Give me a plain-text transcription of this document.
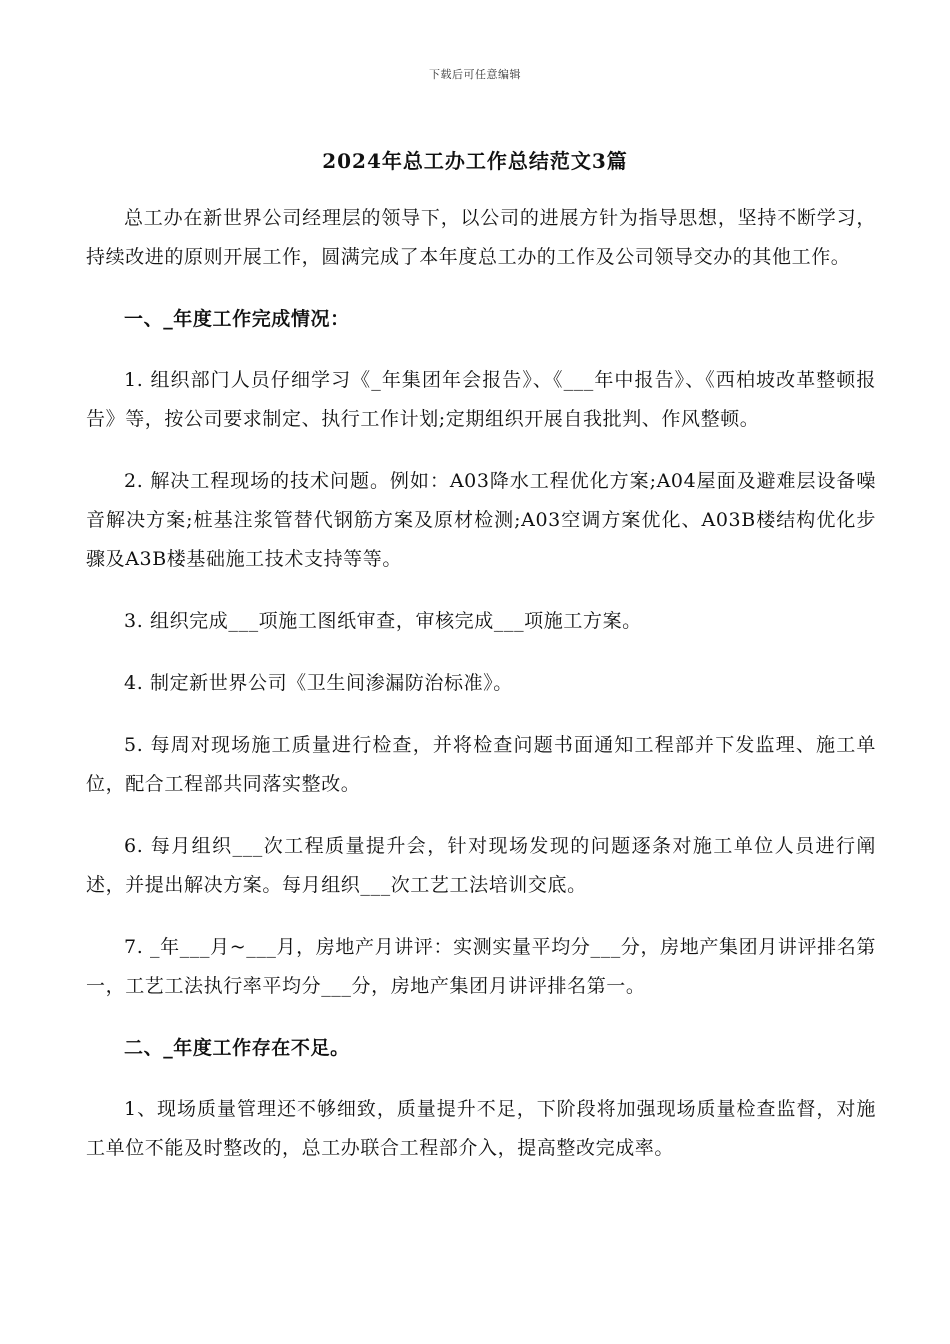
下载后可任意编辑
2024年总工办工作总结范文3篇

总工办在新世界公司经理层的领导下，以公司的进展方针为指导思想，坚持不断学习，持续改进的原则开展工作，圆满完成了本年度总工办的工作及公司领导交办的其他工作。

一、_年度工作完成情况：

1. 组织部门人员仔细学习《_年集团年会报告》、《___年中报告》、《西柏坡改革整顿报告》等，按公司要求制定、执行工作计划;定期组织开展自我批判、作风整顿。

2. 解决工程现场的技术问题。例如：A03降水工程优化方案;A04屋面及避难层设备噪音解决方案;桩基注浆管替代钢筋方案及原材检测;A03空调方案优化、A03B楼结构优化步骤及A3B楼基础施工技术支持等等。

3. 组织完成___项施工图纸审查，审核完成___项施工方案。

4. 制定新世界公司《卫生间渗漏防治标准》。

5. 每周对现场施工质量进行检查，并将检查问题书面通知工程部并下发监理、施工单位，配合工程部共同落实整改。

6. 每月组织___次工程质量提升会，针对现场发现的问题逐条对施工单位人员进行阐述，并提出解决方案。每月组织___次工艺工法培训交底。

7. _年___月~___月，房地产月讲评：实测实量平均分___分，房地产集团月讲评排名第一，工艺工法执行率平均分___分，房地产集团月讲评排名第一。

二、_年度工作存在不足。

1、现场质量管理还不够细致，质量提升不足，下阶段将加强现场质量检查监督，对施工单位不能及时整改的，总工办联合工程部介入，提高整改完成率。
